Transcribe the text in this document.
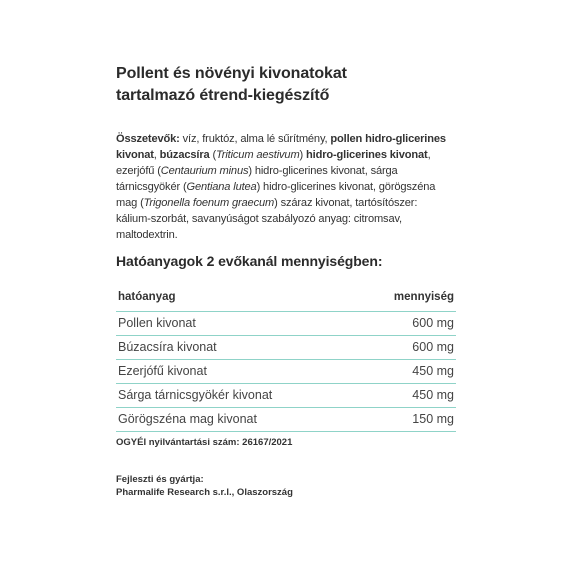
Pollent és növényi kivonatokat
tartalmazó étrend-kiegészítő
Összetevők: víz, fruktóz, alma lé sűrítmény, pollen hidro-glicerines kivonat, búzacsíra (Triticum aestivum) hidro-glicerines kivonat, ezerjófű (Centaurium minus) hidro-glicerines kivonat, sárga tárnicsgyökér (Gentiana lutea) hidro-glicerines kivonat, görögszéna mag (Trigonella foenum graecum) száraz kivonat, tartósítószer: kálium-szorbát, savanyúságot szabályozó anyag: citromsav, maltodextrin.
Hatóanyagok 2 evőkanál mennyiségben:
hatóanyag	mennyiség
Pollen kivonat	600 mg
Búzacsíra kivonat	600 mg
Ezerjófű kivonat	450 mg
Sárga tárnicsgyökér kivonat	450 mg
Görögszéna mag kivonat	150 mg
OGYÉI nyilvántartási szám: 26167/2021
Fejleszti és gyártja:
Pharmalife Research s.r.l., Olaszország
